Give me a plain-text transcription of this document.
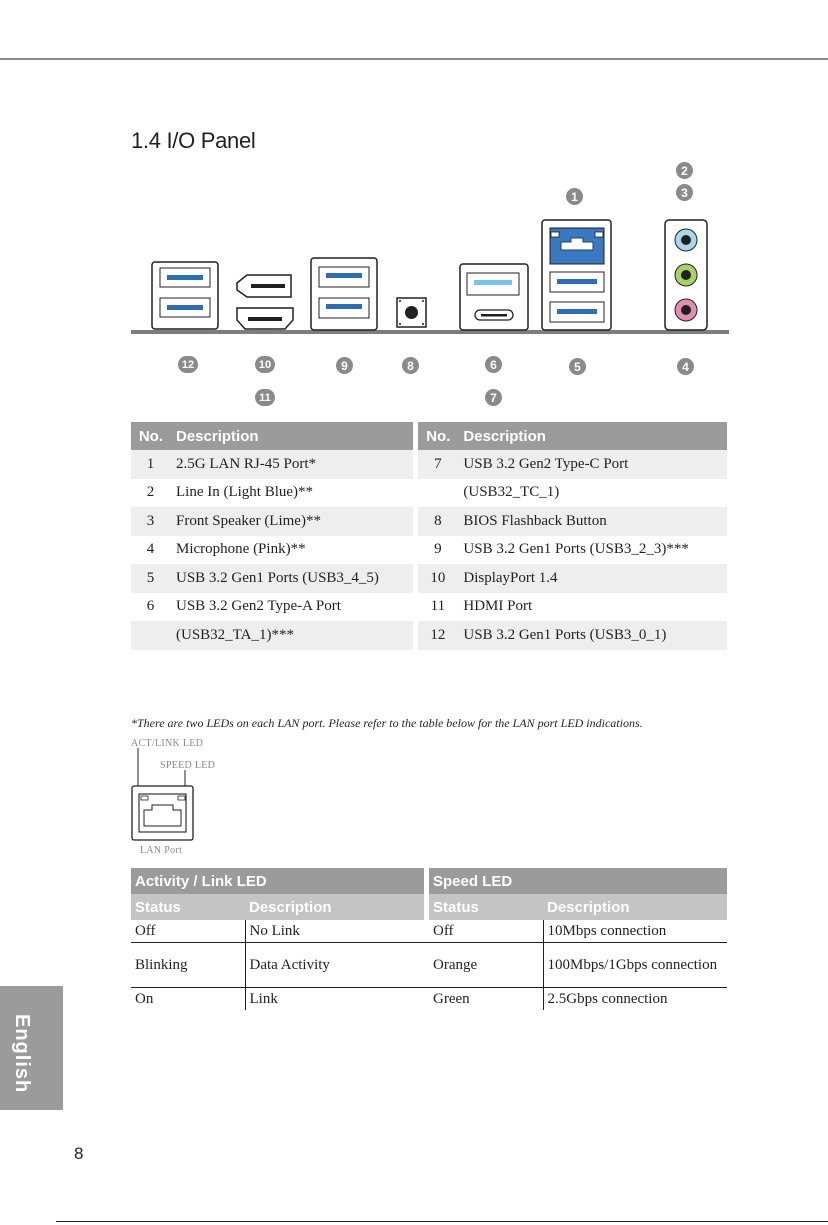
1.4 I/O Panel
2
3
1
12	10	9	8	6	5	4
11	7
No.	Description		No.	Description
1	2.5G LAN RJ-45 Port*		7	USB 3.2 Gen2 Type-C Port
2	Line In (Light Blue)**			(USB32_TC_1)
3	Front Speaker (Lime)**		8	BIOS Flashback Button
4	Microphone (Pink)**		9	USB 3.2 Gen1 Ports (USB3_2_3)***
5	USB 3.2 Gen1 Ports (USB3_4_5)		10	DisplayPort 1.4
6	USB 3.2 Gen2 Type-A Port		11	HDMI Port
	(USB32_TA_1)***		12	USB 3.2 Gen1 Ports (USB3_0_1)
*There are two LEDs on each LAN port. Please refer to the table below for the LAN port LED indications.
ACT/LINK LED
SPEED LED
LAN Port
Activity / Link LED			Speed LED	
Status	Description		Status	Description
Off	No Link		Off	10Mbps connection
Blinking	Data Activity		Orange	100Mbps/1Gbps connection
On	Link		Green	2.5Gbps connection
English
8
